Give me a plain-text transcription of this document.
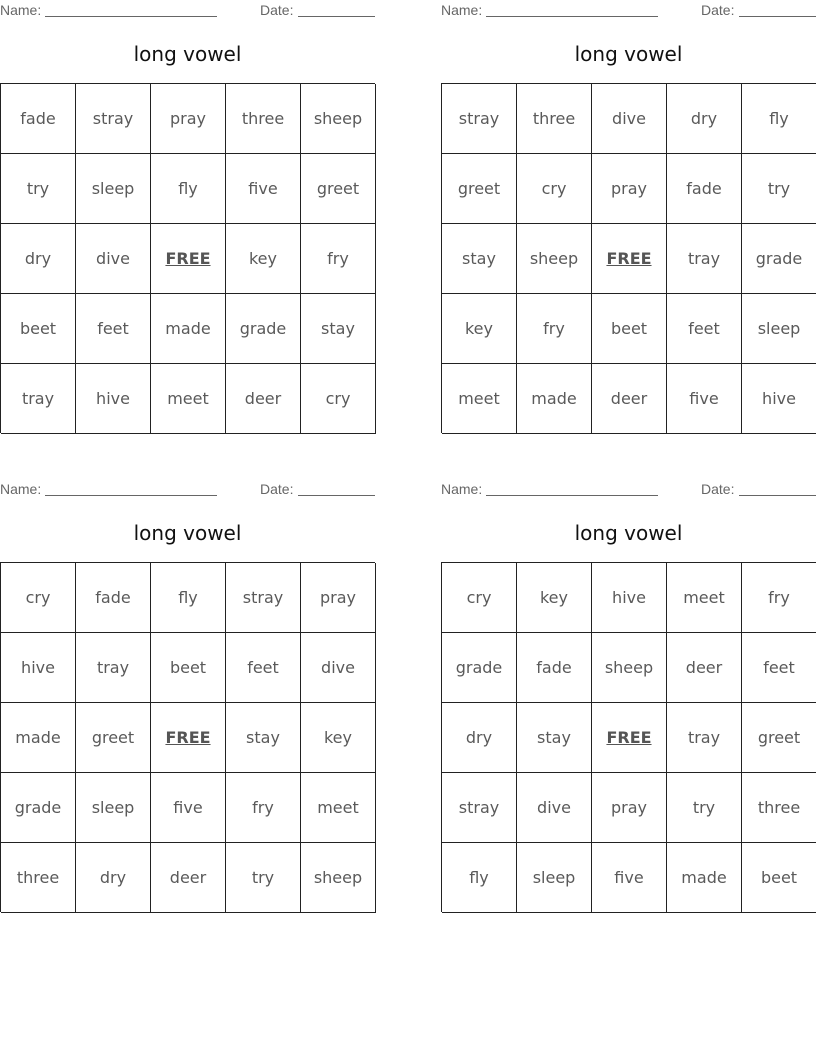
Name:	Date:
long vowel
fade	stray	pray	three	sheep
try	sleep	fly	five	greet
dry	dive	FREE	key	fry
beet	feet	made	grade	stay
tray	hive	meet	deer	cry
Name:	Date:
long vowel
stray	three	dive	dry	fly
greet	cry	pray	fade	try
stay	sheep	FREE	tray	grade
key	fry	beet	feet	sleep
meet	made	deer	five	hive
Name:	Date:
long vowel
cry	fade	fly	stray	pray
hive	tray	beet	feet	dive
made	greet	FREE	stay	key
grade	sleep	five	fry	meet
three	dry	deer	try	sheep
Name:	Date:
long vowel
cry	key	hive	meet	fry
grade	fade	sheep	deer	feet
dry	stay	FREE	tray	greet
stray	dive	pray	try	three
fly	sleep	five	made	beet
